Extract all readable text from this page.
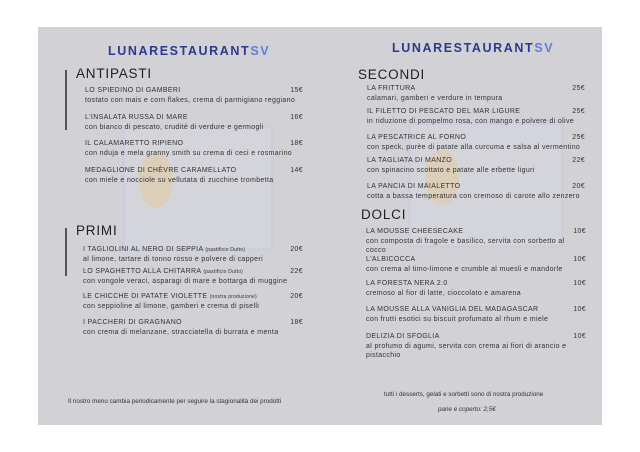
LUNARESTAURANTSV	LUNARESTAURANTSV
ANTIPASTI
LO SPIEDINO DI GAMBERI	15€
tostato con mais e corn flakes, crema di parmigiano reggiano
L'INSALATA RUSSA DI MARE	16€
con bianco di pescato, crudité di verdure e germogli
IL CALAMARETTO RIPIENO	18€
con nduja e mela granny smith su crema di ceci e rosmarino
MEDAGLIONE DI CHÈVRE CARAMELLATO	14€
con miele e nocciole su vellutata di zucchine trombetta
PRIMI
I TAGLIOLINI AL NERO DI SEPPIA (pastificio Dutto)	20€
al limone, tartare di tonno rosso e polvere di capperi
LO SPAGHETTO ALLA CHITARRA (pastificio Dutto)	22€
con vongole veraci, asparagi di mare e bottarga di muggine
LE CHICCHE DI PATATE VIOLETTE (nostra produzione)	20€
con seppioline al limone, gamberi e crema di piselli
I PACCHERI DI GRAGNANO	18€
con crema di melanzane, stracciatella di burrata e menta
Il nostro menu cambia periodicamente per seguire la stagionalità dei prodotti
SECONDI
LA FRITTURA	25€
calamari, gamberi e verdure in tempura
IL FILETTO DI PESCATO DEL MAR LIGURE	25€
in riduzione di pompelmo rosa, con mango e polvere di olive
LA PESCATRICE AL FORNO	25€
con speck, purèe di patate alla curcuma e salsa al vermentino
LA TAGLIATA DI MANZO	22€
con spinacino scottato e patate alle erbette liguri
LA PANCIA DI MAIALETTO	20€
cotta a bassa temperatura con cremoso di carote allo zenzero
DOLCI
LA MOUSSE CHEESECAKE	10€
con composta di fragole e basilico, servita con sorbetto al cocco
L'ALBICOCCA	10€
con crema al timo-limone e crumble al muesli e mandorle
LA FORESTA NERA 2.0	10€
cremoso al fior di latte, cioccolato e amarena
LA MOUSSE ALLA VANIGLIA DEL MADAGASCAR	10€
con frutti esotici su biscuit profumato al rhum e miele
DELIZIA DI SFOGLIA	10€
al profumo di agumi, servita con crema ai fiori di arancio e pistacchio
tutti i desserts, gelati e sorbetti sono di nostra produzione
pane e coperto: 2,5€
